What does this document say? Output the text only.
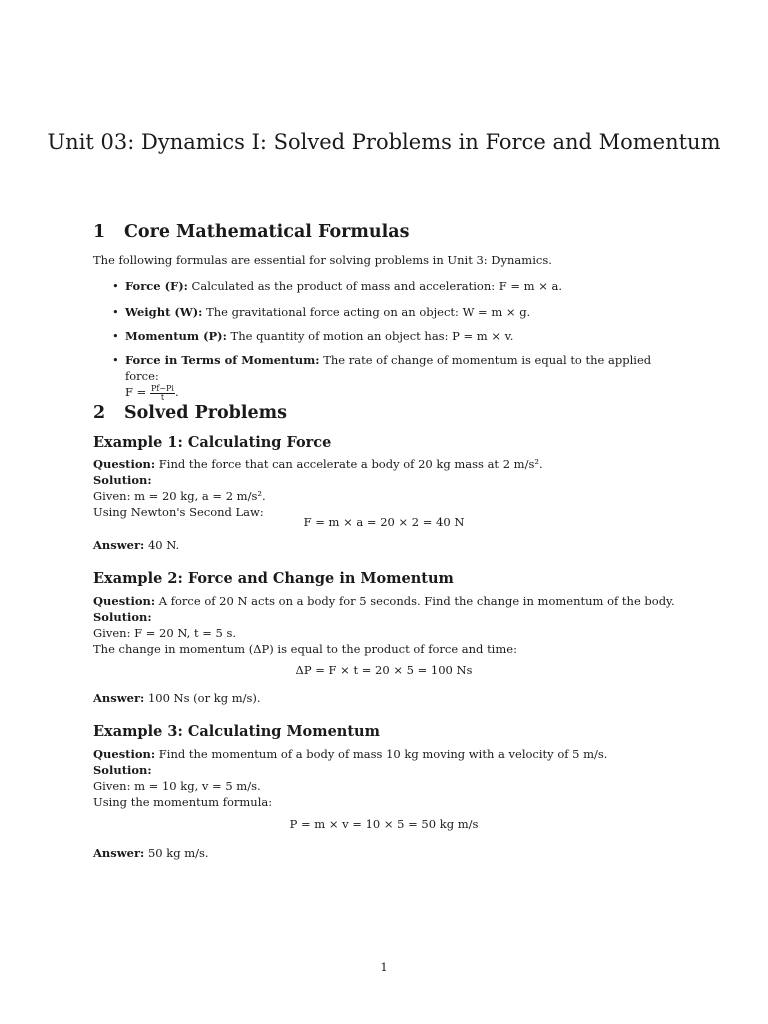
Unit 03: Dynamics I: Solved Problems in Force and Momentum
1 Core Mathematical Formulas
The following formulas are essential for solving problems in Unit 3: Dynamics.
• Force (F): Calculated as the product of mass and acceleration: F = m × a.
• Weight (W): The gravitational force acting on an object: W = m × g.
• Momentum (P): The quantity of motion an object has: P = m × v.
• Force in Terms of Momentum: The rate of change of momentum is equal to the applied force:
$F = \frac{Pf-Pi}{t}$ .
2 Solved Problems
Example 1: Calculating Force
Question: Find the force that can accelerate a body of 20 kg mass at 2 m/s².
Solution:
Given: m = 20 kg, a = 2 m/s².
Using Newton's Second Law:
F = m × a = 20 × 2 = 40 N
Answer: 40 N.
Example 2: Force and Change in Momentum
Question: A force of 20 N acts on a body for 5 seconds. Find the change in momentum of the body.
Solution:
Given: F = 20 N, t = 5 s.
The change in momentum (ΔP) is equal to the product of force and time:
ΔP = F × t = 20 × 5 = 100 Ns
Answer: 100 Ns (or kg m/s).
Example 3: Calculating Momentum
Question: Find the momentum of a body of mass 10 kg moving with a velocity of 5 m/s.
Solution:
Given: m = 10 kg, v = 5 m/s.
Using the momentum formula:
P = m × v = 10 × 5 = 50 kg m/s
Answer: 50 kg m/s.
1
